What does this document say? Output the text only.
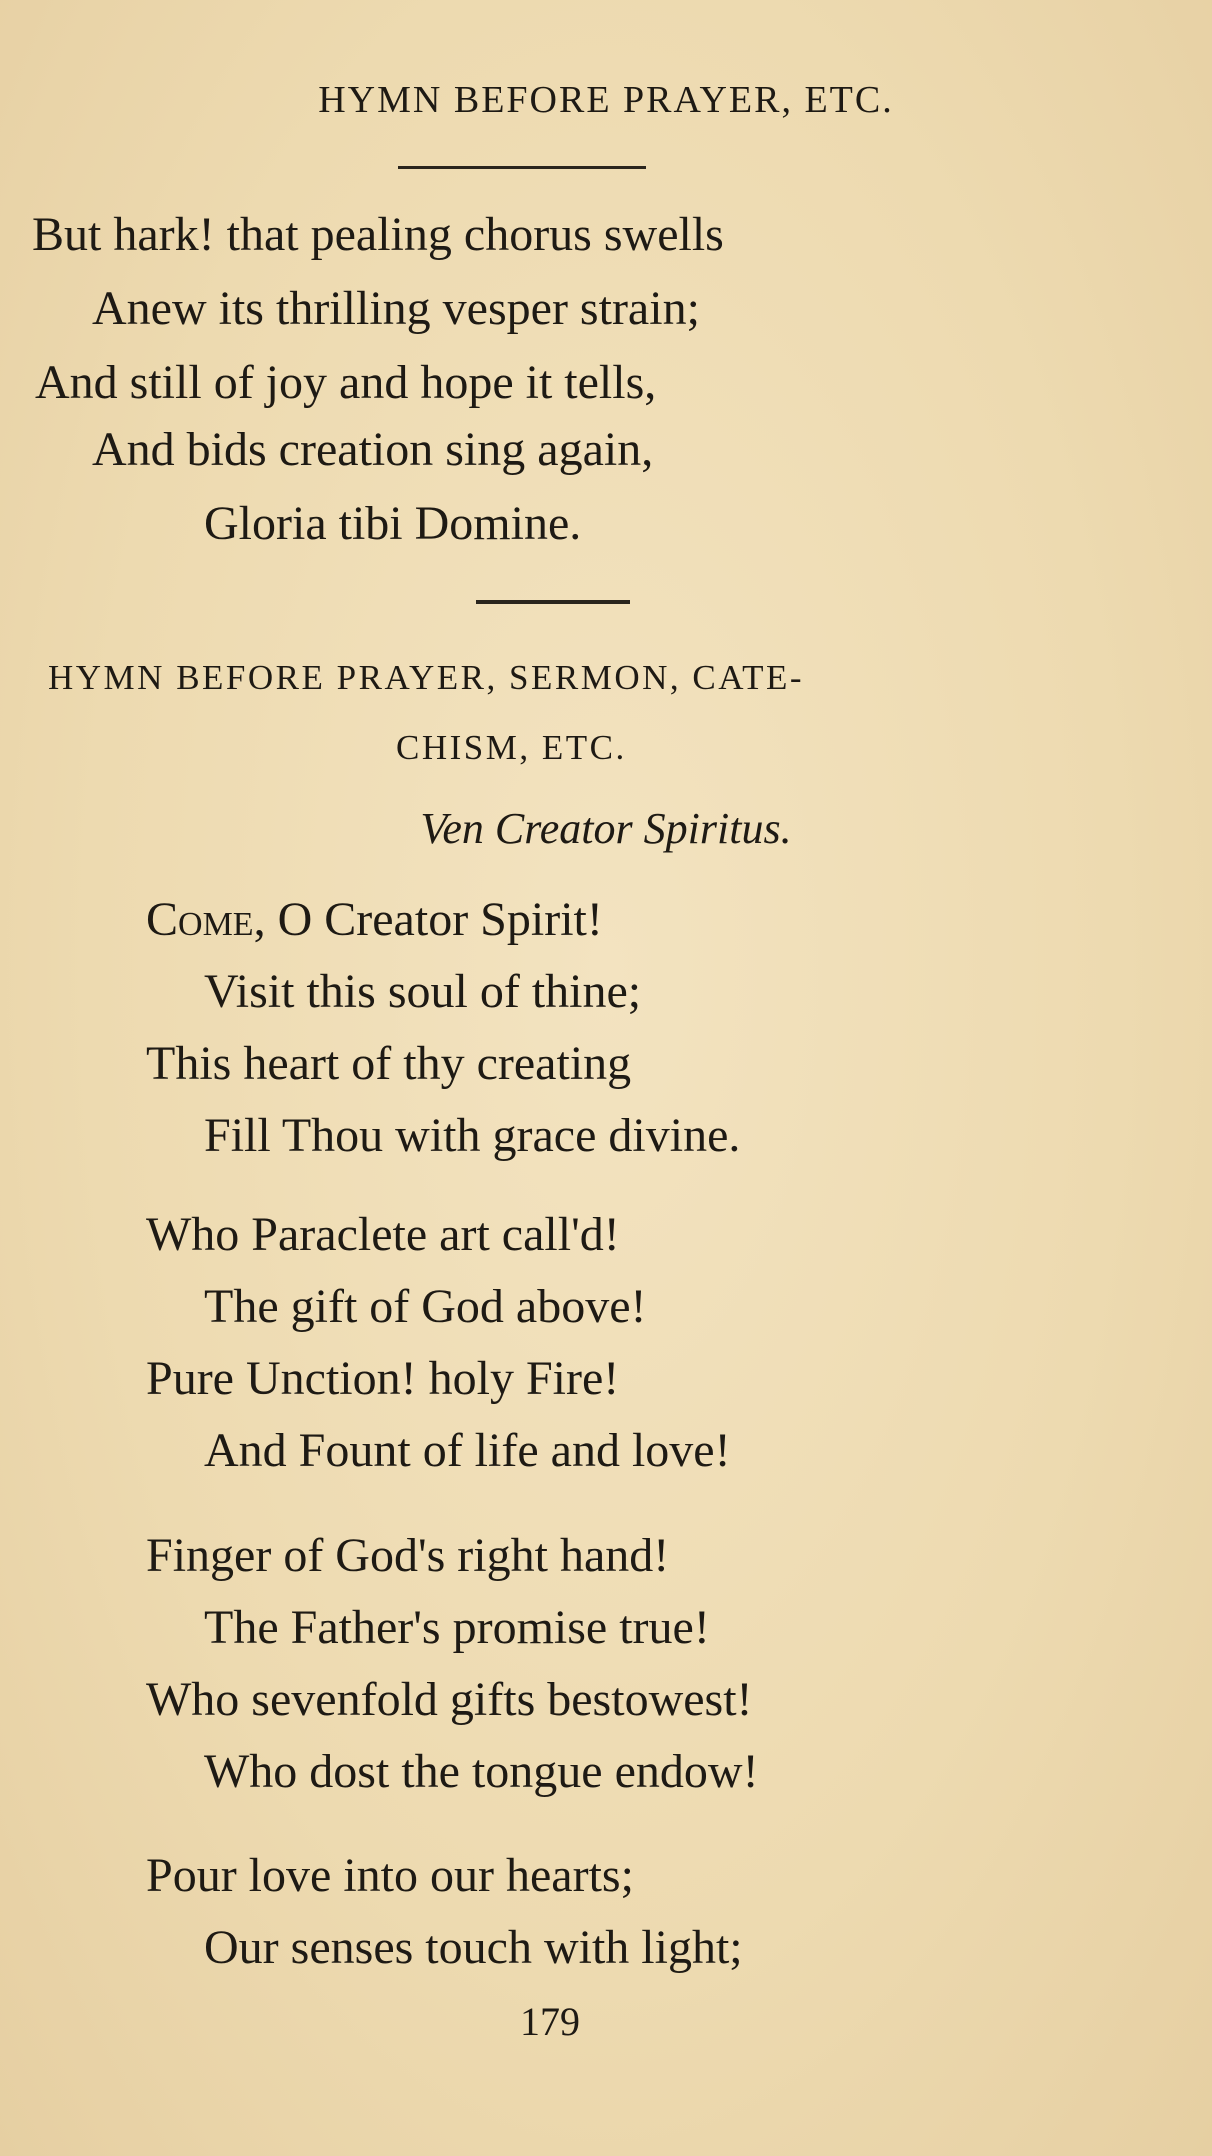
HYMN BEFORE PRAYER, ETC.
But hark! that pealing chorus swells
Anew its thrilling vesper strain;
And still of joy and hope it tells,
And bids creation sing again,
Gloria tibi Domine.
HYMN BEFORE PRAYER, SERMON, CATE-
CHISM, ETC.
Ven Creator Spiritus.
Come, O Creator Spirit!
Visit this soul of thine;
This heart of thy creating
Fill Thou with grace divine.
Who Paraclete art call'd!
The gift of God above!
Pure Unction! holy Fire!
And Fount of life and love!
Finger of God's right hand!
The Father's promise true!
Who sevenfold gifts bestowest!
Who dost the tongue endow!
Pour love into our hearts;
Our senses touch with light;
179
